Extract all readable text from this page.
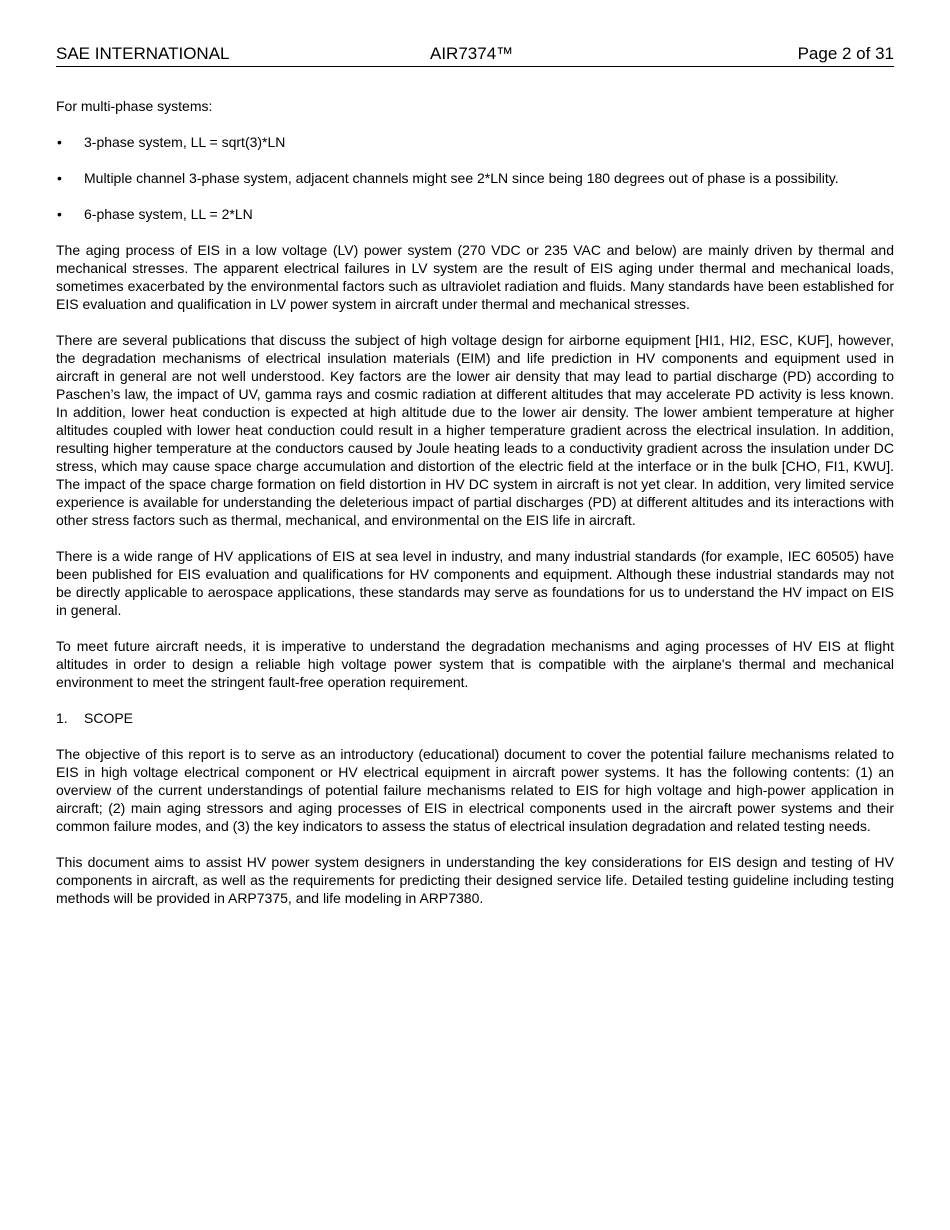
SAE INTERNATIONAL	AIR7374™	Page 2 of 31

For multi-phase systems:

• 3-phase system, LL = sqrt(3)*LN
• Multiple channel 3-phase system, adjacent channels might see 2*LN since being 180 degrees out of phase is a possibility.
• 6-phase system, LL = 2*LN

The aging process of EIS in a low voltage (LV) power system (270 VDC or 235 VAC and below) are mainly driven by thermal and mechanical stresses. The apparent electrical failures in LV system are the result of EIS aging under thermal and mechanical loads, sometimes exacerbated by the environmental factors such as ultraviolet radiation and fluids. Many standards have been established for EIS evaluation and qualification in LV power system in aircraft under thermal and mechanical stresses.

There are several publications that discuss the subject of high voltage design for airborne equipment [HI1, HI2, ESC, KUF], however, the degradation mechanisms of electrical insulation materials (EIM) and life prediction in HV components and equipment used in aircraft in general are not well understood. Key factors are the lower air density that may lead to partial discharge (PD) according to Paschen’s law, the impact of UV, gamma rays and cosmic radiation at different altitudes that may accelerate PD activity is less known. In addition, lower heat conduction is expected at high altitude due to the lower air density. The lower ambient temperature at higher altitudes coupled with lower heat conduction could result in a higher temperature gradient across the electrical insulation. In addition, resulting higher temperature at the conductors caused by Joule heating leads to a conductivity gradient across the insulation under DC stress, which may cause space charge accumulation and distortion of the electric field at the interface or in the bulk [CHO, FI1, KWU]. The impact of the space charge formation on field distortion in HV DC system in aircraft is not yet clear. In addition, very limited service experience is available for understanding the deleterious impact of partial discharges (PD) at different altitudes and its interactions with other stress factors such as thermal, mechanical, and environmental on the EIS life in aircraft.

There is a wide range of HV applications of EIS at sea level in industry, and many industrial standards (for example, IEC 60505) have been published for EIS evaluation and qualifications for HV components and equipment. Although these industrial standards may not be directly applicable to aerospace applications, these standards may serve as foundations for us to understand the HV impact on EIS in general.

To meet future aircraft needs, it is imperative to understand the degradation mechanisms and aging processes of HV EIS at flight altitudes in order to design a reliable high voltage power system that is compatible with the airplane's thermal and mechanical environment to meet the stringent fault-free operation requirement.

1. SCOPE

The objective of this report is to serve as an introductory (educational) document to cover the potential failure mechanisms related to EIS in high voltage electrical component or HV electrical equipment in aircraft power systems. It has the following contents: (1) an overview of the current understandings of potential failure mechanisms related to EIS for high voltage and high-power application in aircraft; (2) main aging stressors and aging processes of EIS in electrical components used in the aircraft power systems and their common failure modes, and (3) the key indicators to assess the status of electrical insulation degradation and related testing needs.

This document aims to assist HV power system designers in understanding the key considerations for EIS design and testing of HV components in aircraft, as well as the requirements for predicting their designed service life. Detailed testing guideline including testing methods will be provided in ARP7375, and life modeling in ARP7380.
